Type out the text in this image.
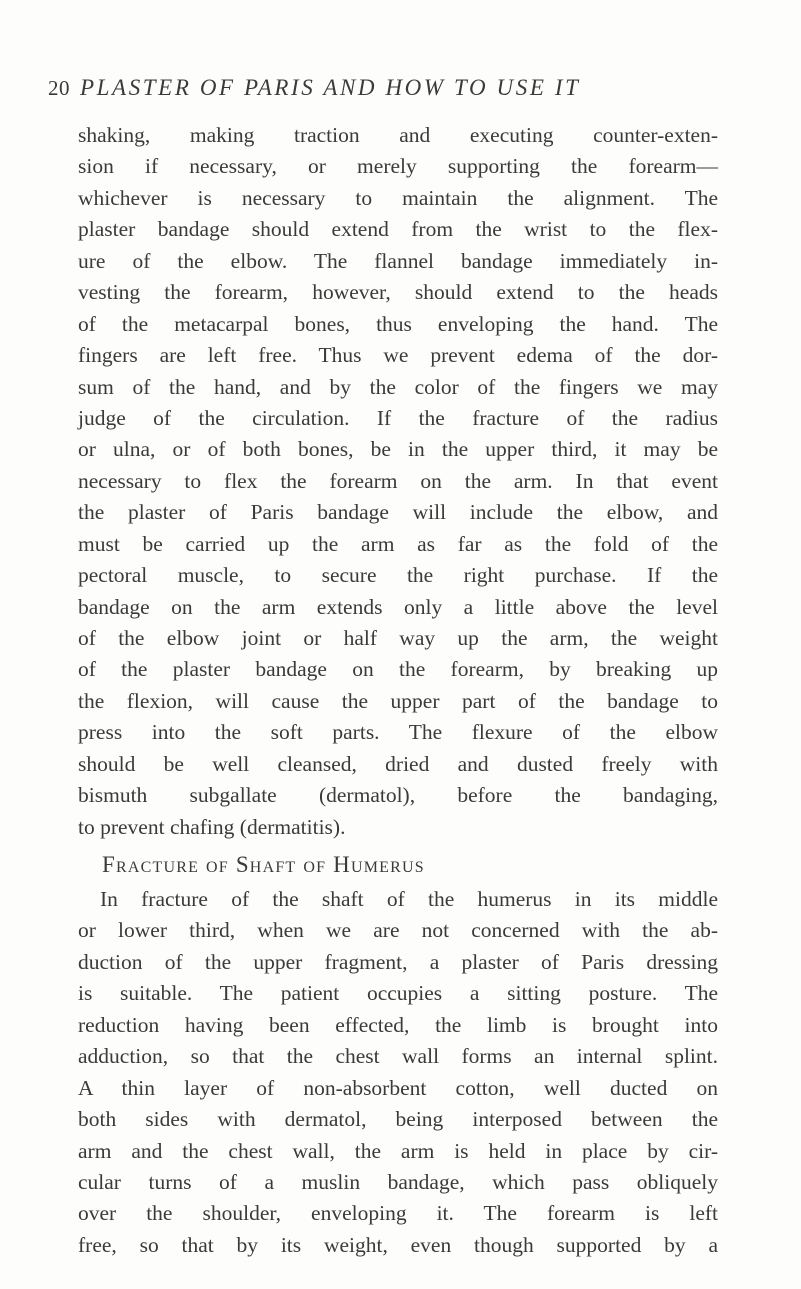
20 PLASTER OF PARIS AND HOW TO USE IT
shaking, making traction and executing counter-exten-
sion if necessary, or merely supporting the forearm—
whichever is necessary to maintain the alignment. The
plaster bandage should extend from the wrist to the flex-
ure of the elbow. The flannel bandage immediately in-
vesting the forearm, however, should extend to the heads
of the metacarpal bones, thus enveloping the hand. The
fingers are left free. Thus we prevent edema of the dor-
sum of the hand, and by the color of the fingers we may
judge of the circulation. If the fracture of the radius
or ulna, or of both bones, be in the upper third, it may be
necessary to flex the forearm on the arm. In that event
the plaster of Paris bandage will include the elbow, and
must be carried up the arm as far as the fold of the
pectoral muscle, to secure the right purchase. If the
bandage on the arm extends only a little above the level
of the elbow joint or half way up the arm, the weight
of the plaster bandage on the forearm, by breaking up
the flexion, will cause the upper part of the bandage to
press into the soft parts. The flexure of the elbow
should be well cleansed, dried and dusted freely with
bismuth subgallate (dermatol), before the bandaging,
to prevent chafing (dermatitis).
Fracture of Shaft of Humerus
In fracture of the shaft of the humerus in its middle
or lower third, when we are not concerned with the ab-
duction of the upper fragment, a plaster of Paris dressing
is suitable. The patient occupies a sitting posture. The
reduction having been effected, the limb is brought into
adduction, so that the chest wall forms an internal splint.
A thin layer of non-absorbent cotton, well ducted on
both sides with dermatol, being interposed between the
arm and the chest wall, the arm is held in place by cir-
cular turns of a muslin bandage, which pass obliquely
over the shoulder, enveloping it. The forearm is left
free, so that by its weight, even though supported by a
